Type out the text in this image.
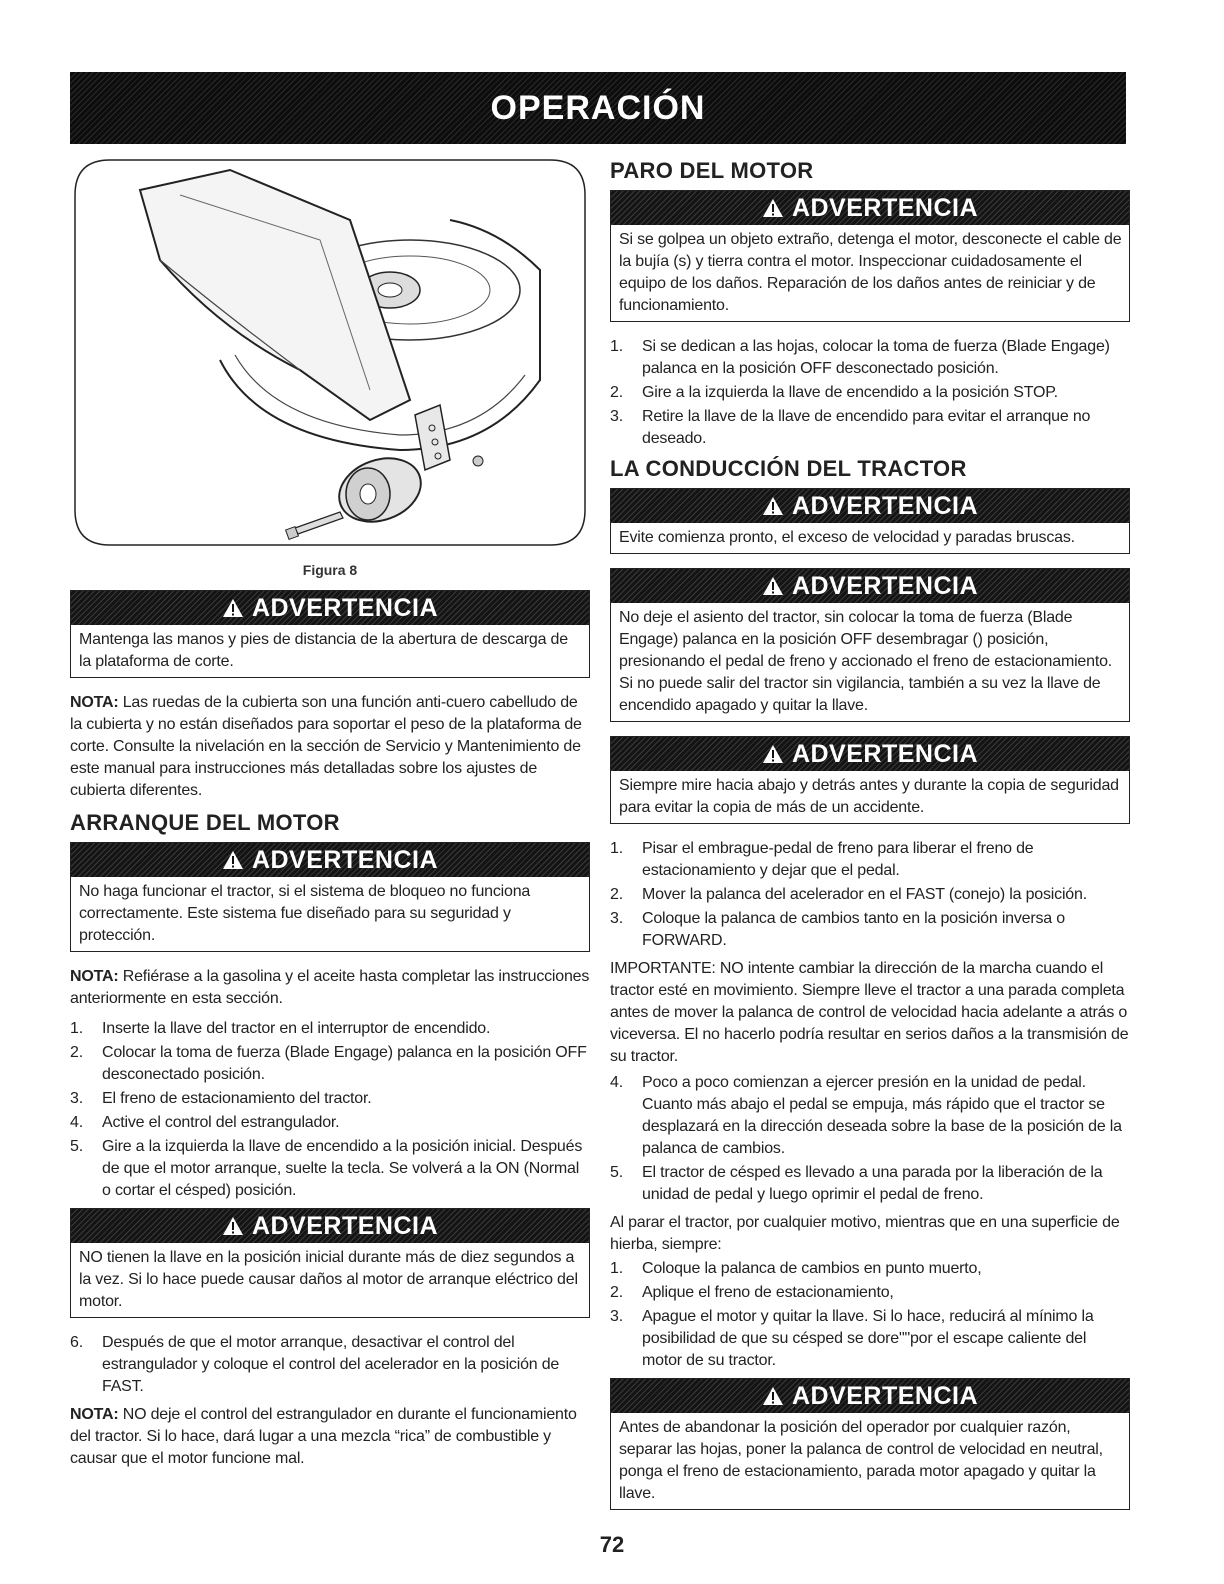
OPERACIÓN
Figura 8
ADVERTENCIA
Mantenga las manos y pies de distancia de la abertura de descarga de la plataforma de corte.

NOTA: Las ruedas de la cubierta son una función anti-cuero cabelludo de la cubierta y no están diseñados para soportar el peso de la plataforma de corte. Consulte la nivelación en la sección de Servicio y Mantenimiento de este manual para instrucciones más detalladas sobre los ajustes de cubierta diferentes.

ARRANQUE DEL MOTOR
ADVERTENCIA
No haga funcionar el tractor, si el sistema de bloqueo no funciona correctamente. Este sistema fue diseñado para su seguridad y protección.

NOTA: Refiérase a la gasolina y el aceite hasta completar las instrucciones anteriormente en esta sección.

1.	Inserte la llave del tractor en el interruptor de encendido.
2.	Colocar la toma de fuerza (Blade Engage) palanca en la posición OFF desconectado posición.
3.	El freno de estacionamiento del tractor.
4.	Active el control del estrangulador.
5.	Gire a la izquierda la llave de encendido a la posición inicial. Después de que el motor arranque, suelte la tecla. Se volverá a la ON (Normal o cortar el césped) posición.
ADVERTENCIA
NO tienen la llave en la posición inicial durante más de diez segundos a la vez. Si lo hace puede causar daños al motor de arranque eléctrico del motor.
6.	Después de que el motor arranque, desactivar el control del estrangulador y coloque el control del acelerador en la posición de FAST.

NOTA: NO deje el control del estrangulador en durante el funcionamiento del tractor. Si lo hace, dará lugar a una mezcla “rica” de combustible y causar que el motor funcione mal.

PARO DEL MOTOR
ADVERTENCIA
Si se golpea un objeto extraño, detenga el motor, desconecte el cable de la bujía (s) y tierra contra el motor. Inspeccionar cuidadosamente el equipo de los daños. Reparación de los daños antes de reiniciar y de funcionamiento.
1.	Si se dedican a las hojas, colocar la toma de fuerza (Blade Engage) palanca en la posición OFF desconectado posición.
2.	Gire a la izquierda la llave de encendido a la posición STOP.
3.	Retire la llave de la llave de encendido para evitar el arranque no deseado.
LA CONDUCCIÓN DEL TRACTOR
ADVERTENCIA
Evite comienza pronto, el exceso de velocidad y paradas bruscas.
ADVERTENCIA
No deje el asiento del tractor, sin colocar la toma de fuerza (Blade Engage) palanca en la posición OFF desembragar () posición, presionando el pedal de freno y accionado el freno de estacionamiento. Si no puede salir del tractor sin vigilancia, también a su vez la llave de encendido apagado y quitar la llave.
ADVERTENCIA
Siempre mire hacia abajo y detrás antes y durante la copia de seguridad para evitar la copia de más de un accidente.
1.	Pisar el embrague-pedal de freno para liberar el freno de estacionamiento y dejar que el pedal.
2.	Mover la palanca del acelerador en el FAST (conejo) la posición.
3.	Coloque la palanca de cambios tanto en la posición inversa o FORWARD.

IMPORTANTE: NO intente cambiar la dirección de la marcha cuando el tractor esté en movimiento. Siempre lleve el tractor a una parada completa antes de mover la palanca de control de velocidad hacia adelante a atrás o viceversa. El no hacerlo podría resultar en serios daños a la transmisión de su tractor.

4.	Poco a poco comienzan a ejercer presión en la unidad de pedal. Cuanto más abajo el pedal se empuja, más rápido que el tractor se desplazará en la dirección deseada sobre la base de la posición de la palanca de cambios.
5.	El tractor de césped es llevado a una parada por la liberación de la unidad de pedal y luego oprimir el pedal de freno.

Al parar el tractor, por cualquier motivo, mientras que en una superficie de hierba, siempre:

1.	Coloque la palanca de cambios en punto muerto,
2.	Aplique el freno de estacionamiento,
3.	Apague el motor y quitar la llave. Si lo hace, reducirá al mínimo la posibilidad de que su césped se dore""por el escape caliente del motor de su tractor.
ADVERTENCIA
Antes de abandonar la posición del operador por cualquier razón, separar las hojas, poner la palanca de control de velocidad en neutral, ponga el freno de estacionamiento, parada motor apagado y quitar la llave.
72
